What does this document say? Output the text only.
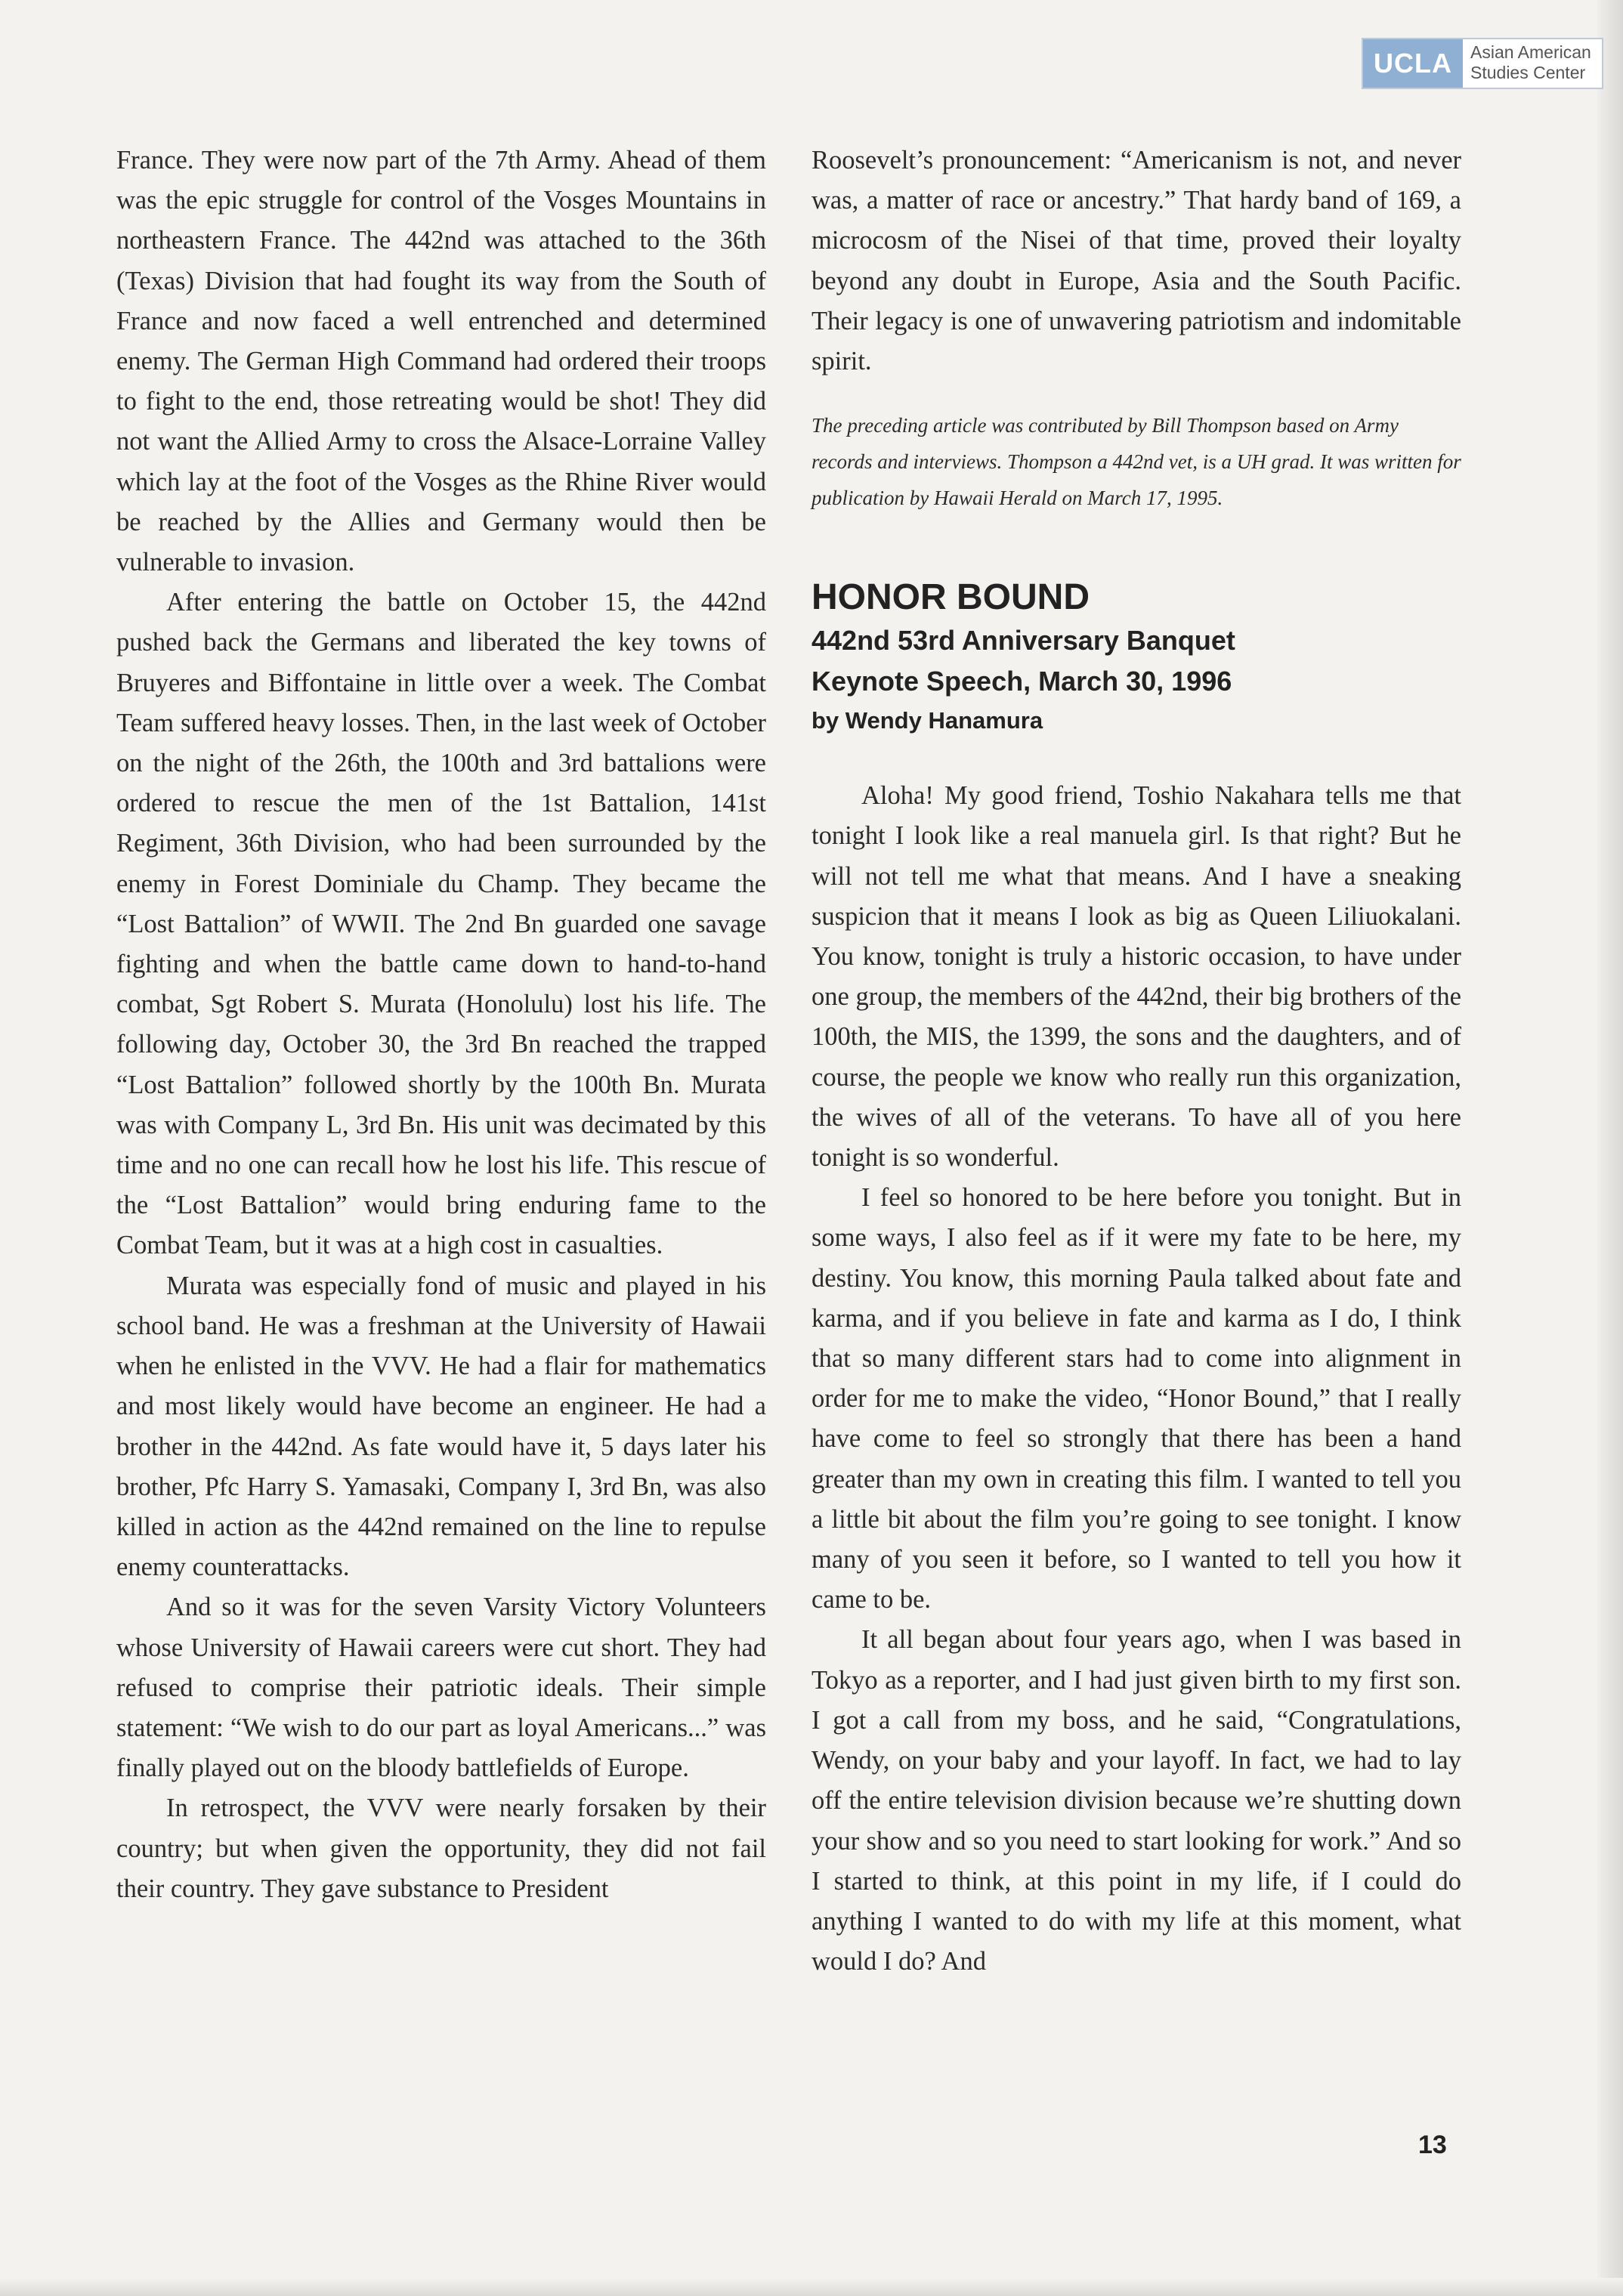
UCLA	Asian American
Studies Center

France. They were now part of the 7th Army. Ahead of them was the epic struggle for control of the Vosges Mountains in northeastern France. The 442nd was attached to the 36th (Texas) Division that had fought its way from the South of France and now faced a well entrenched and determined enemy. The German High Command had ordered their troops to fight to the end, those retreating would be shot! They did not want the Allied Army to cross the Alsace-Lorraine Valley which lay at the foot of the Vosges as the Rhine River would be reached by the Allies and Germany would then be vulnerable to invasion.

After entering the battle on October 15, the 442nd pushed back the Germans and liberated the key towns of Bruyeres and Biffontaine in little over a week. The Combat Team suffered heavy losses. Then, in the last week of October on the night of the 26th, the 100th and 3rd battalions were ordered to rescue the men of the 1st Battalion, 141st Regiment, 36th Division, who had been surrounded by the enemy in Forest Dominiale du Champ. They became the “Lost Battalion” of WWII. The 2nd Bn guarded one savage fighting and when the battle came down to hand-to-hand combat, Sgt Robert S. Murata (Honolulu) lost his life. The following day, October 30, the 3rd Bn reached the trapped “Lost Battalion” followed shortly by the 100th Bn. Murata was with Company L, 3rd Bn. His unit was decimated by this time and no one can recall how he lost his life. This rescue of the “Lost Battalion” would bring enduring fame to the Combat Team, but it was at a high cost in casualties.

Murata was especially fond of music and played in his school band. He was a freshman at the University of Hawaii when he enlisted in the VVV. He had a flair for mathematics and most likely would have become an engineer. He had a brother in the 442nd. As fate would have it, 5 days later his brother, Pfc Harry S. Yamasaki, Company I, 3rd Bn, was also killed in action as the 442nd remained on the line to repulse enemy counterattacks.

And so it was for the seven Varsity Victory Volunteers whose University of Hawaii careers were cut short. They had refused to comprise their patriotic ideals. Their simple statement: “We wish to do our part as loyal Americans...” was finally played out on the bloody battlefields of Europe.

In retrospect, the VVV were nearly forsaken by their country; but when given the opportunity, they did not fail their country. They gave substance to President

Roosevelt’s pronouncement: “Americanism is not, and never was, a matter of race or ancestry.” That hardy band of 169, a microcosm of the Nisei of that time, proved their loyalty beyond any doubt in Europe, Asia and the South Pacific. Their legacy is one of unwavering patriotism and indomitable spirit.

The preceding article was contributed by Bill Thompson based on Army records and interviews. Thompson a 442nd vet, is a UH grad. It was written for publication by Hawaii Herald on March 17, 1995.

HONOR BOUND
442nd 53rd Anniversary Banquet
Keynote Speech, March 30, 1996
by Wendy Hanamura

Aloha! My good friend, Toshio Nakahara tells me that tonight I look like a real manuela girl. Is that right? But he will not tell me what that means. And I have a sneaking suspicion that it means I look as big as Queen Liliuokalani. You know, tonight is truly a historic occasion, to have under one group, the members of the 442nd, their big brothers of the 100th, the MIS, the 1399, the sons and the daughters, and of course, the people we know who really run this organization, the wives of all of the veterans. To have all of you here tonight is so wonderful.

I feel so honored to be here before you tonight. But in some ways, I also feel as if it were my fate to be here, my destiny. You know, this morning Paula talked about fate and karma, and if you believe in fate and karma as I do, I think that so many different stars had to come into alignment in order for me to make the video, “Honor Bound,” that I really have come to feel so strongly that there has been a hand greater than my own in creating this film. I wanted to tell you a little bit about the film you’re going to see tonight. I know many of you seen it before, so I wanted to tell you how it came to be.

It all began about four years ago, when I was based in Tokyo as a reporter, and I had just given birth to my first son. I got a call from my boss, and he said, “Congratulations, Wendy, on your baby and your layoff. In fact, we had to lay off the entire television division because we’re shutting down your show and so you need to start looking for work.” And so I started to think, at this point in my life, if I could do anything I wanted to do with my life at this moment, what would I do? And

13
